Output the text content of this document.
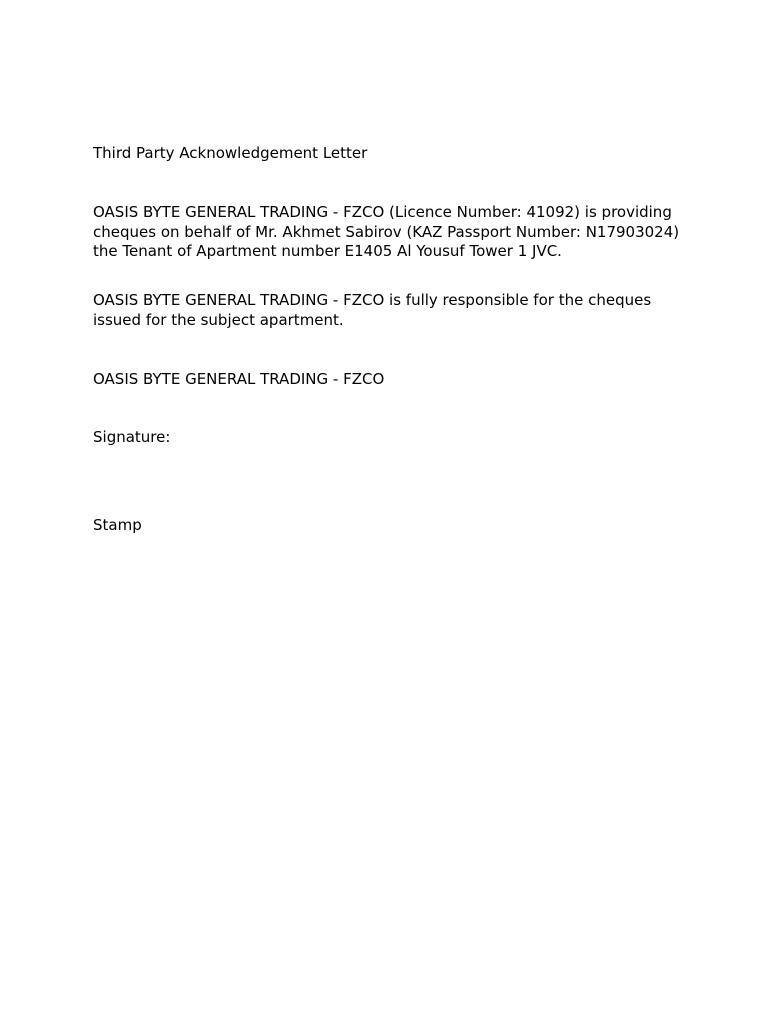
Third Party Acknowledgement Letter

OASIS BYTE GENERAL TRADING - FZCO (Licence Number: 41092) is providing cheques on behalf of Mr. Akhmet Sabirov (KAZ Passport Number: N17903024) the Tenant of Apartment number E1405 Al Yousuf Tower 1 JVC.

OASIS BYTE GENERAL TRADING - FZCO is fully responsible for the cheques issued for the subject apartment.

OASIS BYTE GENERAL TRADING - FZCO

Signature:

Stamp
